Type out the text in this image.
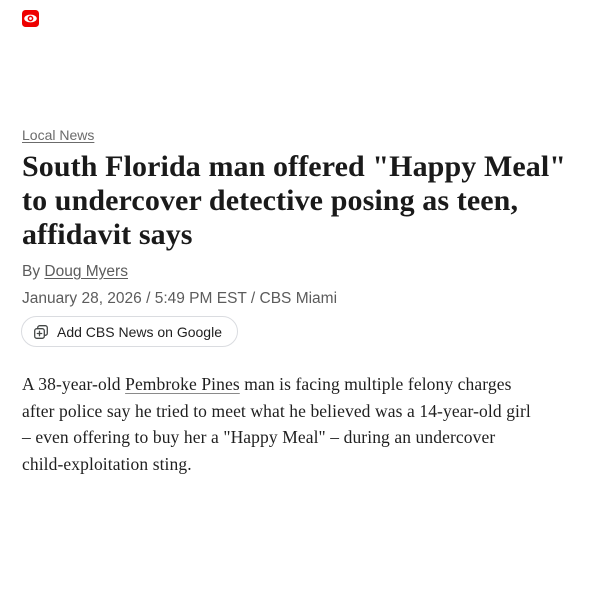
Local News
South Florida man offered "Happy Meal"
to undercover detective posing as teen,
affidavit says
By Doug Myers
January 28, 2026 / 5:49 PM EST / CBS Miami
Add CBS News on Google
A 38-year-old Pembroke Pines man is facing multiple felony charges
after police say he tried to meet what he believed was a 14-year-old girl
– even offering to buy her a "Happy Meal" – during an undercover
child-exploitation sting.
